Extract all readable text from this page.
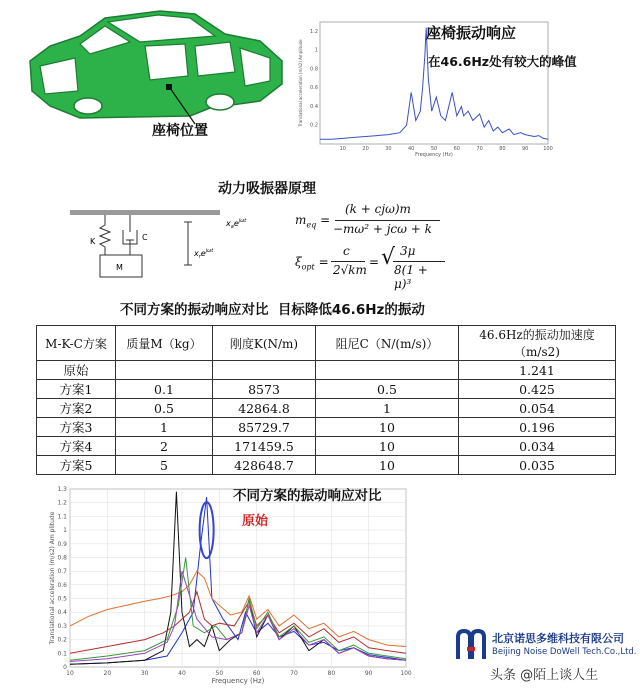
座椅位置	0.2
0.4
0.6
0.8
1
1.2
10	20	30	40	50	60	70	80	90	100
Translational acceleration (m/s2) Amplitude
Frequency (Hz)
座椅振动响应
在46.6Hz处有较大的峰值
动力吸振器原理
K	C
M
$x_ae^{j\omega t}$
$x_re^{j\omega t}$
$m_{eq}$ =
(k + cjω)m
−mω² + jcω + k
$\xi_{opt}$ =
c
2√km
= √ 3μ
8(1 + μ)³
不同方案的振动响应对比  目标降低46.6Hz的振动
M-K-C方案	质量M（kg）	刚度K(N/m)	阻尼C（N/(m/s)）	46.6Hz的振动加速度（m/s2)
原始				1.241
方案1	0.1	8573	0.5	0.425
方案2	0.5	42864.8	1	0.054
方案3	1	85729.7	10	0.196
方案4	2	171459.5	10	0.034
方案5	5	428648.7	10	0.035
0
0.1
0.2
0.3
0.4
0.5
0.6
0.7
0.8
0.9
1
1.1
1.2
1.3
10	20	30	40	50	60	70	80	90	100
Translational acceleration (m/s2) Am plitude
Frequency (Hz)
不同方案的振动响应对比
原始
北京诺思多维科技有限公司
Beijing Noise DoWell Tech.Co.,Ltd.
头条 @陌上谈人生
